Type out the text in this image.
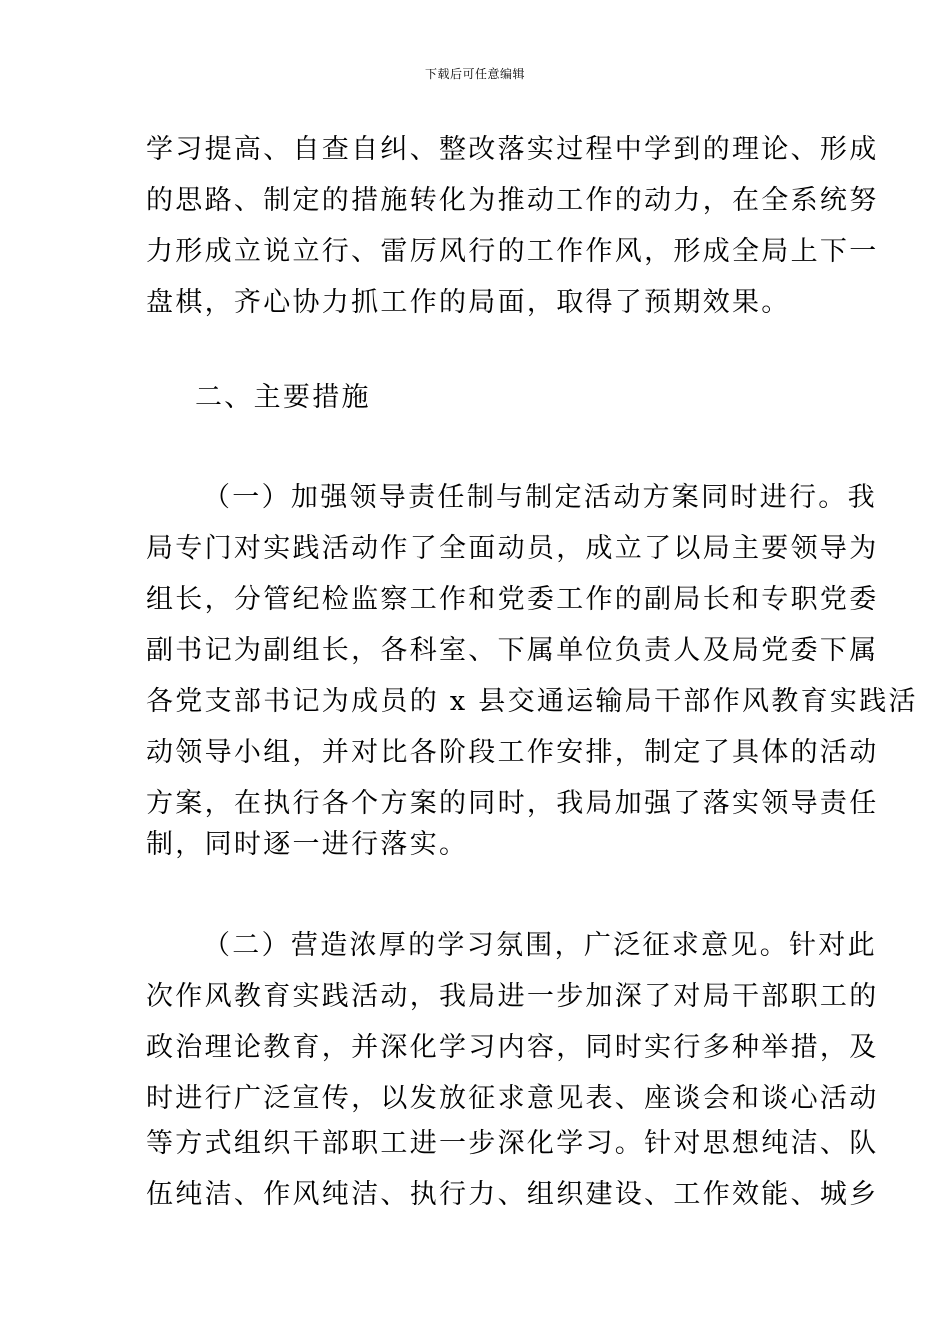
下载后可任意编辑
学习提高、自查自纠、整改落实过程中学到的理论、形成
的思路、制定的措施转化为推动工作的动力，在全系统努
力形成立说立行、雷厉风行的工作作风，形成全局上下一
盘棋，齐心协力抓工作的局面，取得了预期效果。
二、主要措施
（一）加强领导责任制与制定活动方案同时进行。我
局专门对实践活动作了全面动员，成立了以局主要领导为
组长，分管纪检监察工作和党委工作的副局长和专职党委
副书记为副组长，各科室、下属单位负责人及局党委下属
各党支部书记为成员的 x 县交通运输局干部作风教育实践活
动领导小组，并对比各阶段工作安排，制定了具体的活动
方案，在执行各个方案的同时，我局加强了落实领导责任
制，同时逐一进行落实。
（二）营造浓厚的学习氛围，广泛征求意见。针对此
次作风教育实践活动，我局进一步加深了对局干部职工的
政治理论教育，并深化学习内容，同时实行多种举措，及
时进行广泛宣传，以发放征求意见表、座谈会和谈心活动
等方式组织干部职工进一步深化学习。针对思想纯洁、队
伍纯洁、作风纯洁、执行力、组织建设、工作效能、城乡
